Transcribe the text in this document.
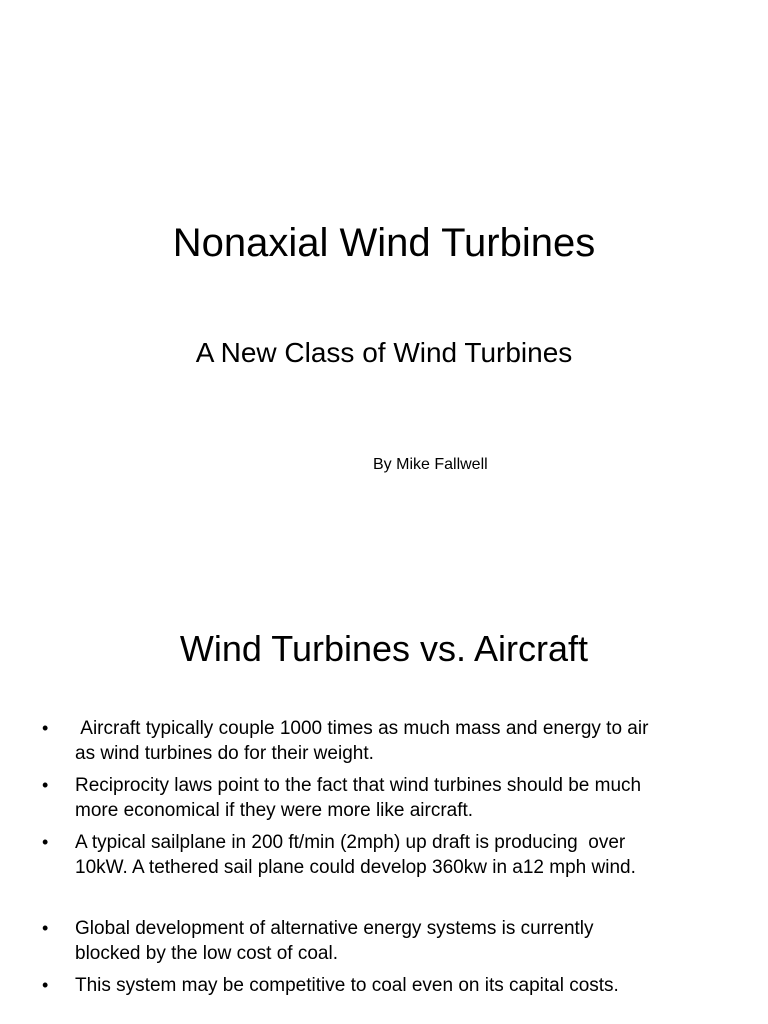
Nonaxial Wind Turbines
A New Class of Wind Turbines
By Mike Fallwell
Wind Turbines vs. Aircraft
• Aircraft typically couple 1000 times as much mass and energy to air
as wind turbines do for their weight.
• Reciprocity laws point to the fact that wind turbines should be much
more economical if they were more like aircraft.
• A typical sailplane in 200 ft/min (2mph) up draft is producing  over
10kW. A tethered sail plane could develop 360kw in a12 mph wind.
• Global development of alternative energy systems is currently
blocked by the low cost of coal.
• This system may be competitive to coal even on its capital costs.
